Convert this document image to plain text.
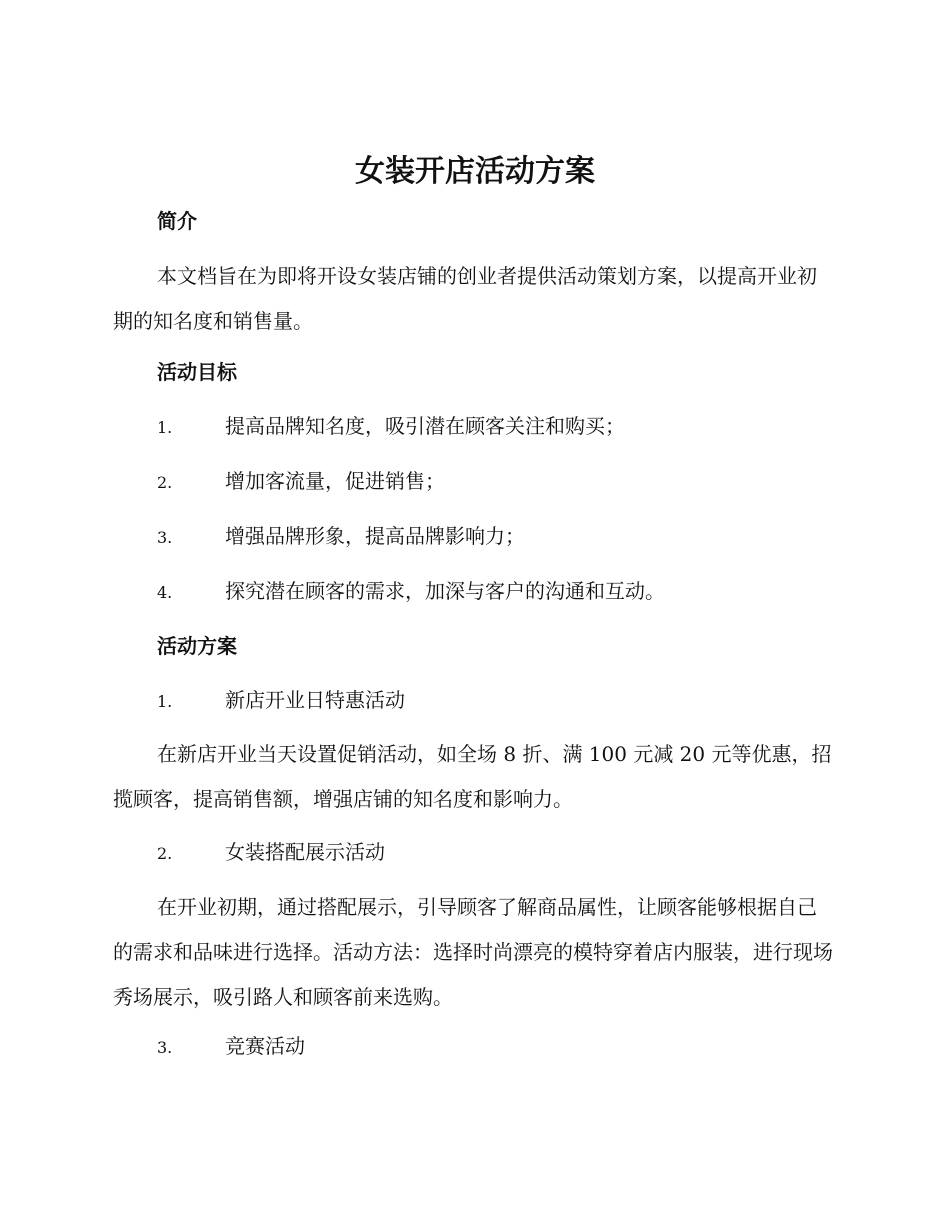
女装开店活动方案
简介

本文档旨在为即将开设女装店铺的创业者提供活动策划方案，以提高开业初期的知名度和销售量。

活动目标
1.	提高品牌知名度，吸引潜在顾客关注和购买；
2.	增加客流量，促进销售；
3.	增强品牌形象，提高品牌影响力；
4.	探究潜在顾客的需求，加深与客户的沟通和互动。
活动方案
1.	新店开业日特惠活动

在新店开业当天设置促销活动，如全场 8 折、满 100 元减 20 元等优惠，招揽顾客，提高销售额，增强店铺的知名度和影响力。

2.	女装搭配展示活动

在开业初期，通过搭配展示，引导顾客了解商品属性，让顾客能够根据自己的需求和品味进行选择。活动方法：选择时尚漂亮的模特穿着店内服装，进行现场秀场展示，吸引路人和顾客前来选购。

3.	竞赛活动
